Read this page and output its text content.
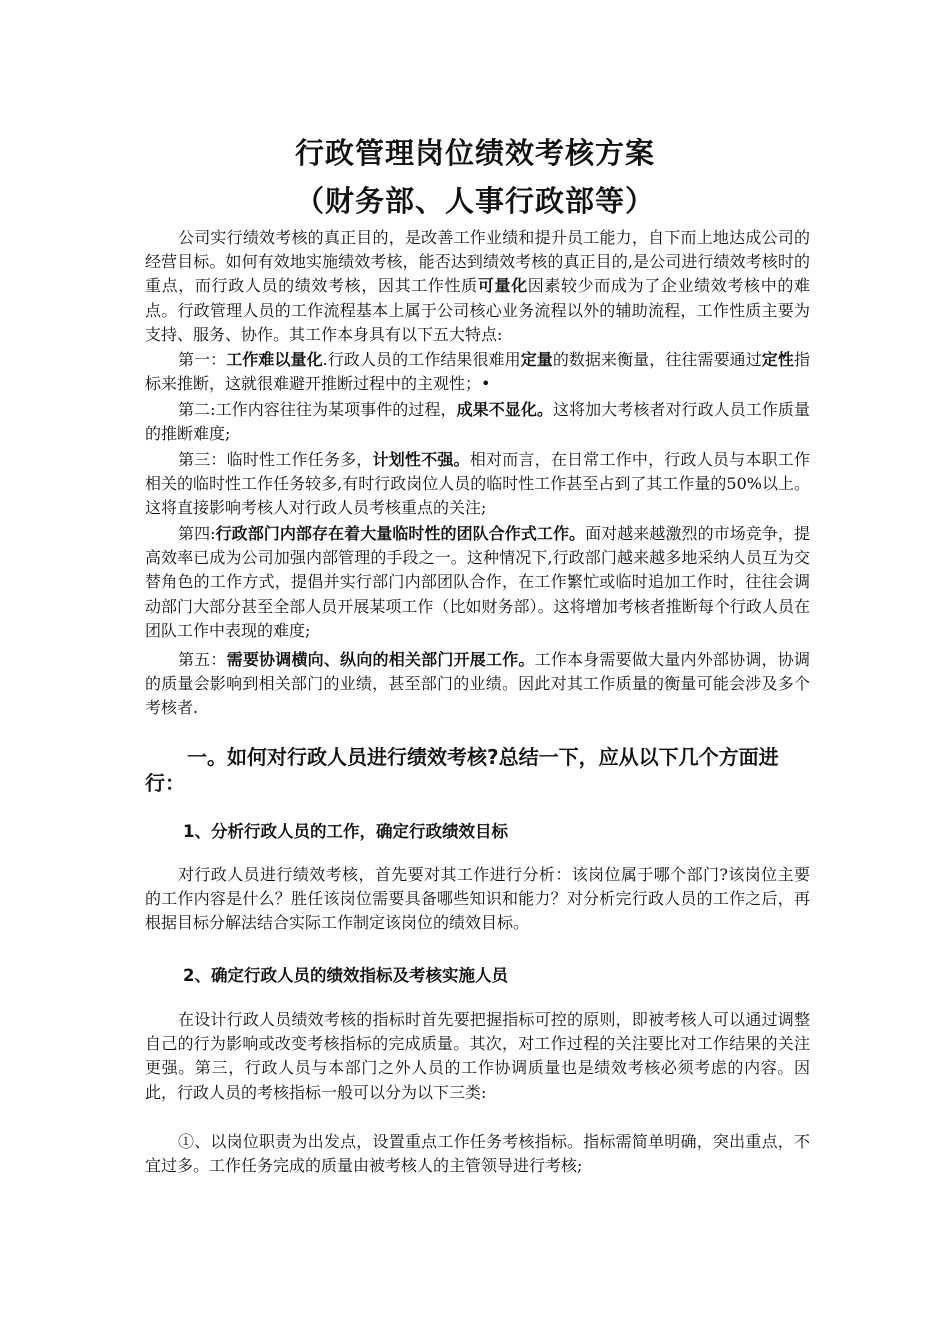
行政管理岗位绩效考核方案
（财务部、人事行政部等）

公司实行绩效考核的真正目的，是改善工作业绩和提升员工能力，自下而上地达成公司的经营目标。如何有效地实施绩效考核，能否达到绩效考核的真正目的,是公司进行绩效考核时的重点，而行政人员的绩效考核，因其工作性质可量化因素较少而成为了企业绩效考核中的难点。行政管理人员的工作流程基本上属于公司核心业务流程以外的辅助流程，工作性质主要为支持、服务、协作。其工作本身具有以下五大特点:

第一：工作难以量化.行政人员的工作结果很难用定量的数据来衡量，往往需要通过定性指标来推断，这就很难避开推断过程中的主观性；•

第二:工作内容往往为某项事件的过程，成果不显化。这将加大考核者对行政人员工作质量的推断难度;

第三：临时性工作任务多，计划性不强。相对而言，在日常工作中，行政人员与本职工作相关的临时性工作任务较多,有时行政岗位人员的临时性工作甚至占到了其工作量的50%以上。这将直接影响考核人对行政人员考核重点的关注;

第四:行政部门内部存在着大量临时性的团队合作式工作。面对越来越激烈的市场竞争，提高效率已成为公司加强内部管理的手段之一。这种情况下,行政部门越来越多地采纳人员互为交替角色的工作方式，提倡并实行部门内部团队合作，在工作繁忙或临时追加工作时，往往会调动部门大部分甚至全部人员开展某项工作（比如财务部）。这将增加考核者推断每个行政人员在团队工作中表现的难度;

第五：需要协调横向、纵向的相关部门开展工作。工作本身需要做大量内外部协调，协调的质量会影响到相关部门的业绩，甚至部门的业绩。因此对其工作质量的衡量可能会涉及多个考核者.

一。如何对行政人员进行绩效考核?总结一下，应从以下几个方面进行：
1、分析行政人员的工作，确定行政绩效目标

对行政人员进行绩效考核，首先要对其工作进行分析：该岗位属于哪个部门?该岗位主要的工作内容是什么？胜任该岗位需要具备哪些知识和能力？对分析完行政人员的工作之后，再根据目标分解法结合实际工作制定该岗位的绩效目标。

2、确定行政人员的绩效指标及考核实施人员

在设计行政人员绩效考核的指标时首先要把握指标可控的原则，即被考核人可以通过调整自己的行为影响或改变考核指标的完成质量。其次，对工作过程的关注要比对工作结果的关注更强。第三，行政人员与本部门之外人员的工作协调质量也是绩效考核必须考虑的内容。因此，行政人员的考核指标一般可以分为以下三类:

①、以岗位职责为出发点，设置重点工作任务考核指标。指标需简单明确，突出重点，不宜过多。工作任务完成的质量由被考核人的主管领导进行考核;
